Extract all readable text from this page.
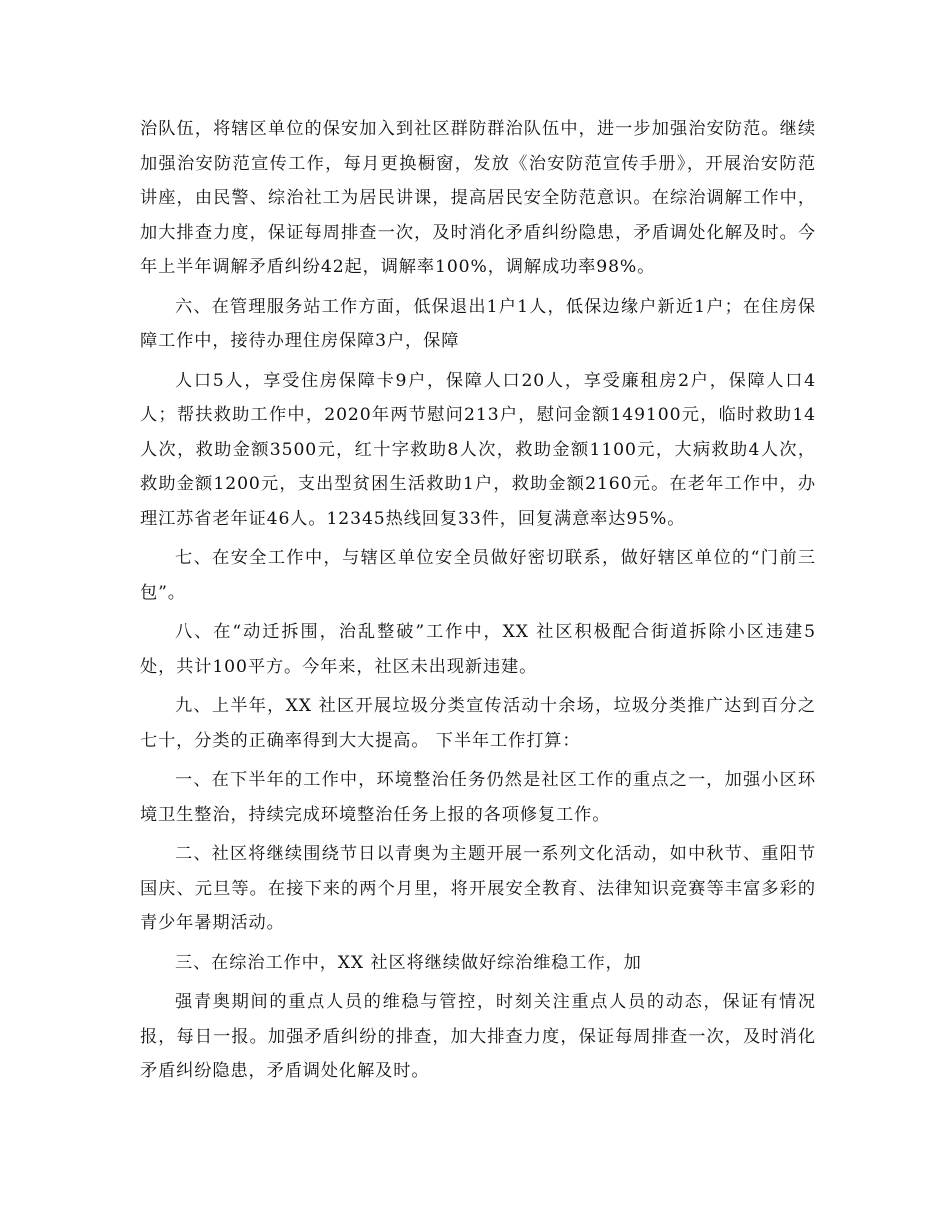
治队伍，将辖区单位的保安加入到社区群防群治队伍中，进一步加强治安防范。继续加强治安防范宣传工作，每月更换橱窗，发放《治安防范宣传手册》，开展治安防范讲座，由民警、综治社工为居民讲课，提高居民安全防范意识。在综治调解工作中，加大排查力度，保证每周排查一次，及时消化矛盾纠纷隐患，矛盾调处化解及时。今年上半年调解矛盾纠纷42起，调解率100%，调解成功率98%。

六、在管理服务站工作方面，低保退出1户1人，低保边缘户新近1户；在住房保障工作中，接待办理住房保障3户，保障

人口5人，享受住房保障卡9户，保障人口20人，享受廉租房2户，保障人口4人；帮扶救助工作中，2020年两节慰问213户，慰问金额149100元，临时救助14人次，救助金额3500元，红十字救助8人次，救助金额1100元，大病救助4人次，救助金额1200元，支出型贫困生活救助1户，救助金额2160元。在老年工作中，办理江苏省老年证46人。12345热线回复33件，回复满意率达95%。

七、在安全工作中，与辖区单位安全员做好密切联系，做好辖区单位的“门前三包”。

八、在“动迁拆围，治乱整破”工作中，XX 社区积极配合街道拆除小区违建5处，共计100平方。今年来，社区未出现新违建。

九、上半年，XX 社区开展垃圾分类宣传活动十余场，垃圾分类推广达到百分之七十，分类的正确率得到大大提高。 下半年工作打算：

一、在下半年的工作中，环境整治任务仍然是社区工作的重点之一，加强小区环境卫生整治，持续完成环境整治任务上报的各项修复工作。

二、社区将继续围绕节日以青奥为主题开展一系列文化活动，如中秋节、重阳节国庆、元旦等。在接下来的两个月里，将开展安全教育、法律知识竞赛等丰富多彩的青少年暑期活动。

三、在综治工作中，XX 社区将继续做好综治维稳工作，加

强青奥期间的重点人员的维稳与管控，时刻关注重点人员的动态，保证有情况报，每日一报。加强矛盾纠纷的排查，加大排查力度，保证每周排查一次，及时消化矛盾纠纷隐患，矛盾调处化解及时。
